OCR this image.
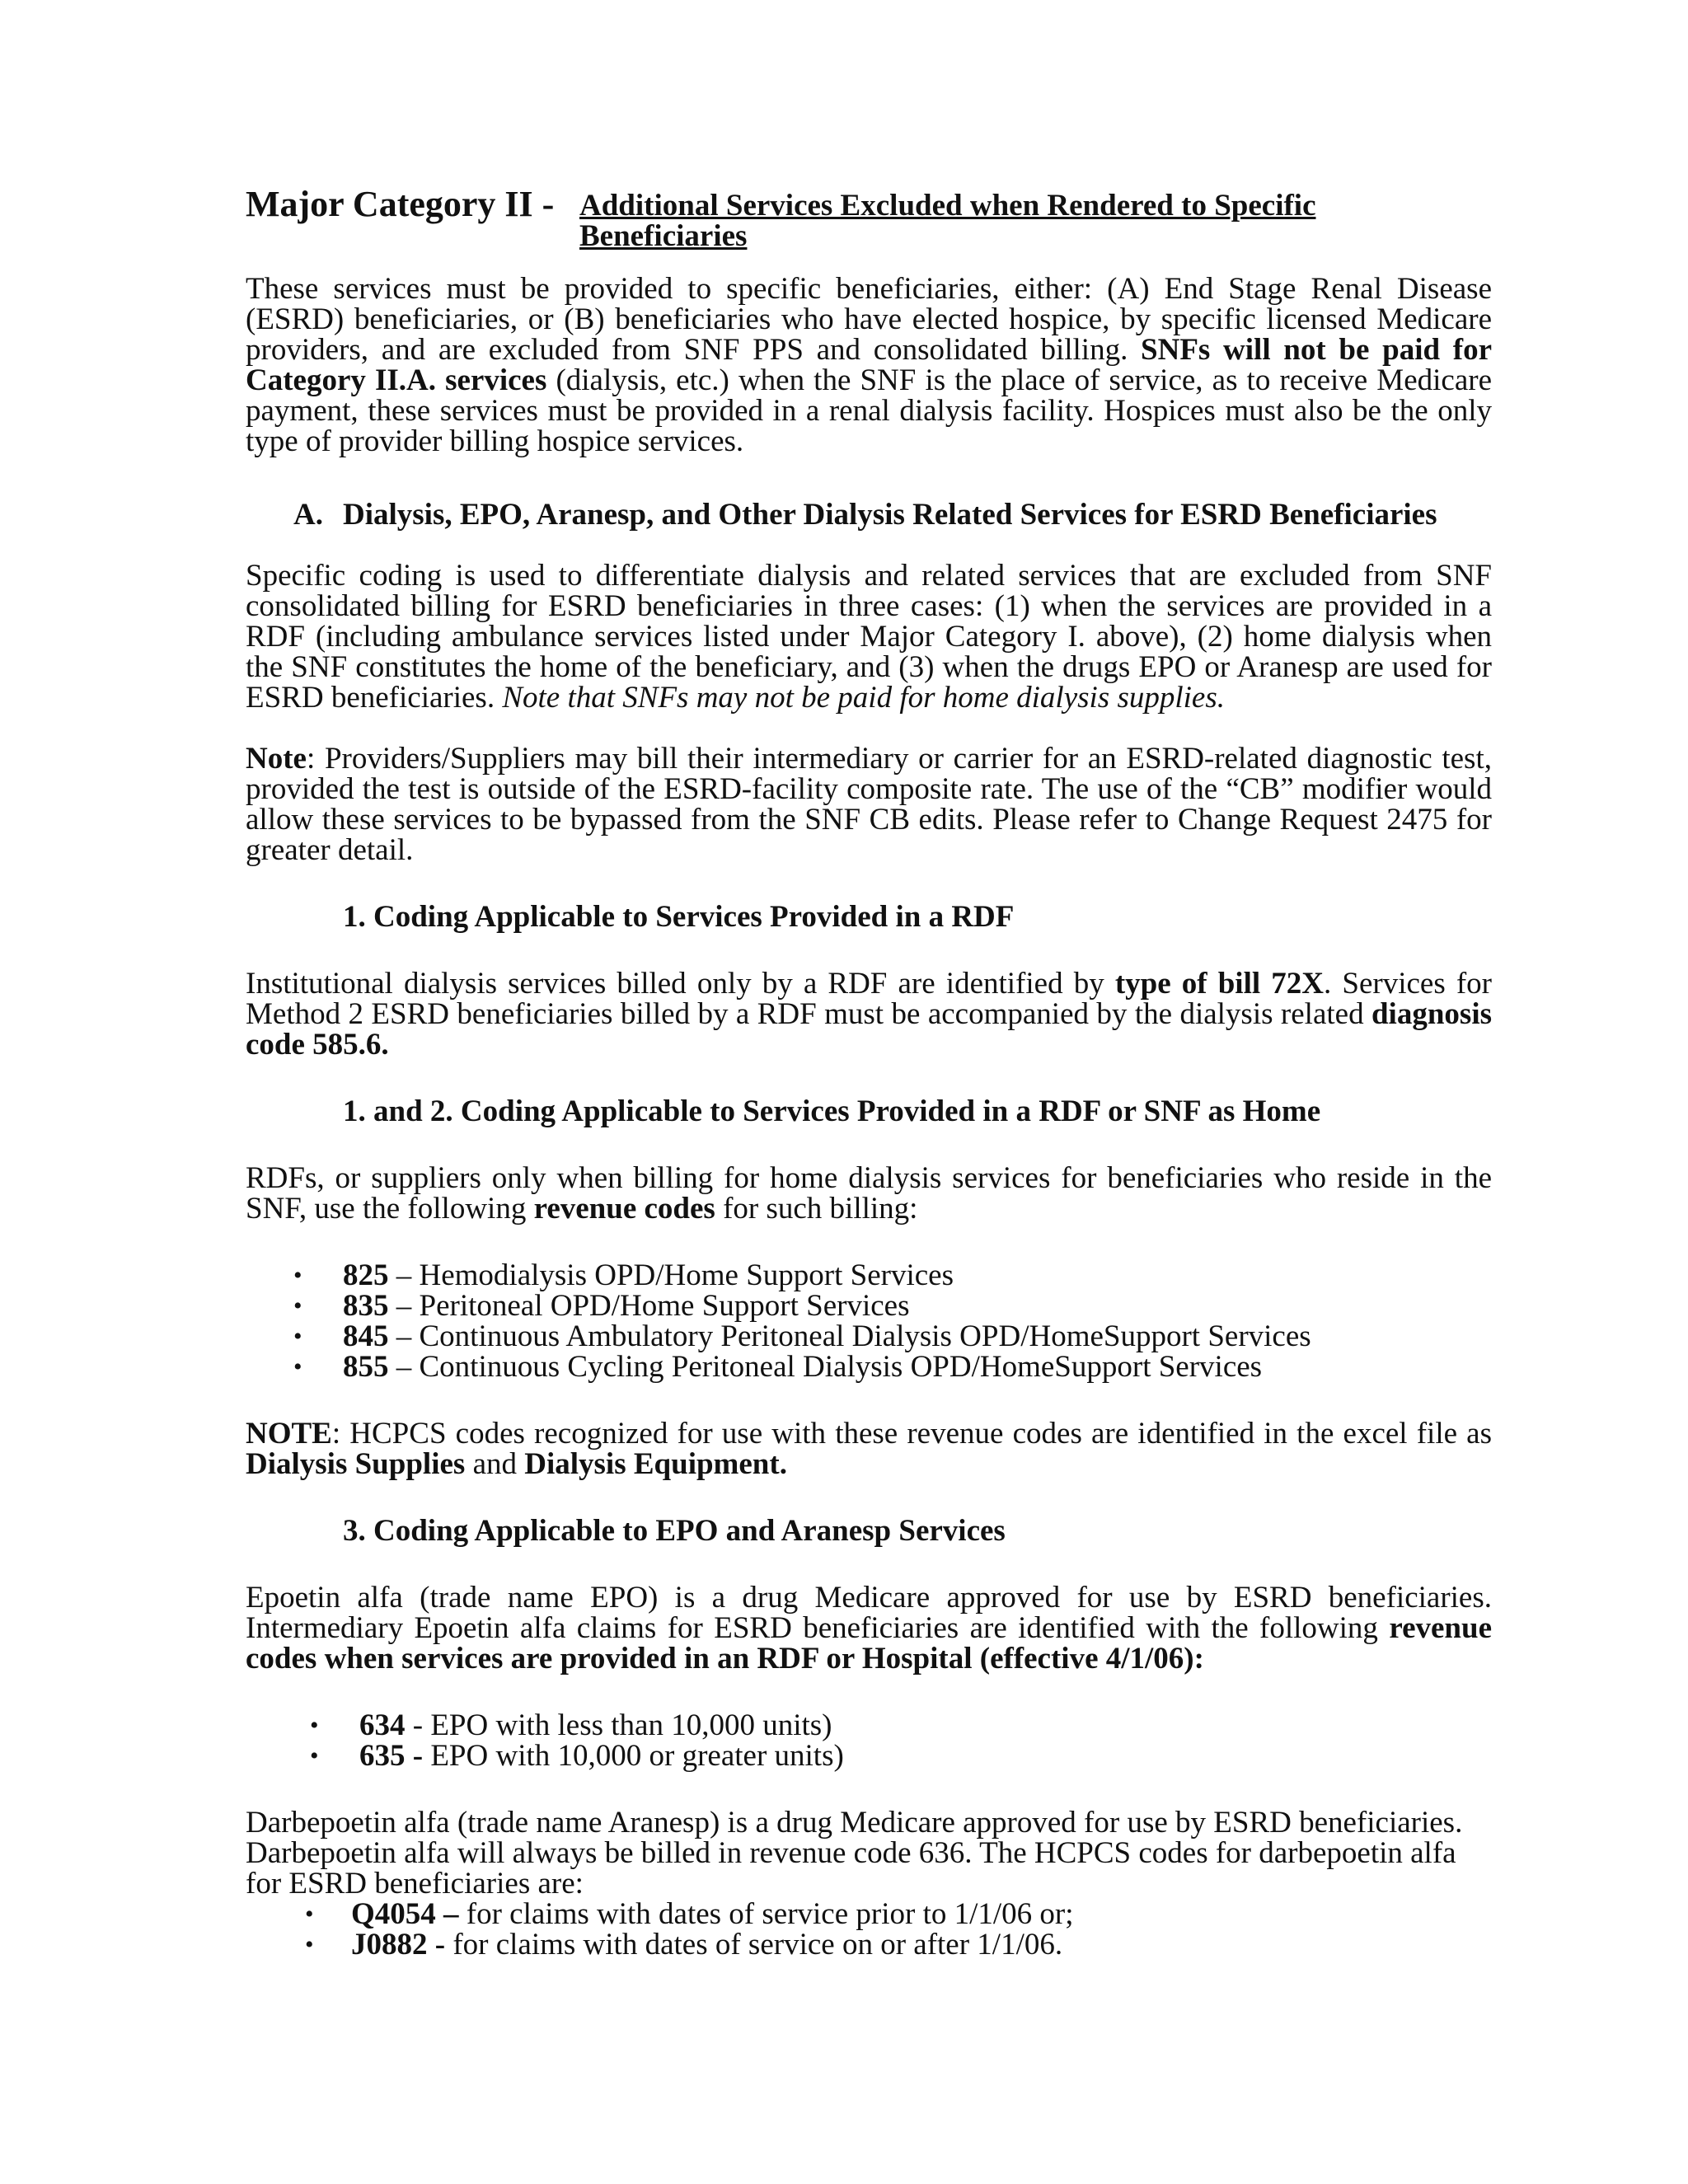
Major Category II - Additional Services Excluded when Rendered to Specific Beneficiaries

These services must be provided to specific beneficiaries, either: (A) End Stage Renal Disease (ESRD) beneficiaries, or (B) beneficiaries who have elected hospice, by specific licensed Medicare providers, and are excluded from SNF PPS and consolidated billing. SNFs will not be paid for Category II.A. services (dialysis, etc.) when the SNF is the place of service, as to receive Medicare payment, these services must be provided in a renal dialysis facility. Hospices must also be the only type of provider billing hospice services.

A. Dialysis, EPO, Aranesp, and Other Dialysis Related Services for ESRD Beneficiaries

Specific coding is used to differentiate dialysis and related services that are excluded from SNF consolidated billing for ESRD beneficiaries in three cases: (1) when the services are provided in a RDF (including ambulance services listed under Major Category I. above), (2) home dialysis when the SNF constitutes the home of the beneficiary, and (3) when the drugs EPO or Aranesp are used for ESRD beneficiaries. Note that SNFs may not be paid for home dialysis supplies.

Note: Providers/Suppliers may bill their intermediary or carrier for an ESRD-related diagnostic test, provided the test is outside of the ESRD-facility composite rate. The use of the “CB” modifier would allow these services to be bypassed from the SNF CB edits. Please refer to Change Request 2475 for greater detail.

1. Coding Applicable to Services Provided in a RDF

Institutional dialysis services billed only by a RDF are identified by type of bill 72X. Services for Method 2 ESRD beneficiaries billed by a RDF must be accompanied by the dialysis related diagnosis code 585.6.

1. and 2. Coding Applicable to Services Provided in a RDF or SNF as Home

RDFs, or suppliers only when billing for home dialysis services for beneficiaries who reside in the SNF, use the following revenue codes for such billing:

• 825 – Hemodialysis OPD/Home Support Services
• 835 – Peritoneal OPD/Home Support Services
• 845 – Continuous Ambulatory Peritoneal Dialysis OPD/HomeSupport Services
• 855 – Continuous Cycling Peritoneal Dialysis OPD/HomeSupport Services

NOTE: HCPCS codes recognized for use with these revenue codes are identified in the excel file as Dialysis Supplies and Dialysis Equipment.

3. Coding Applicable to EPO and Aranesp Services

Epoetin alfa (trade name EPO) is a drug Medicare approved for use by ESRD beneficiaries. Intermediary Epoetin alfa claims for ESRD beneficiaries are identified with the following revenue codes when services are provided in an RDF or Hospital (effective 4/1/06):

• 634 - EPO with less than 10,000 units)
• 635 - EPO with 10,000 or greater units)

Darbepoetin alfa (trade name Aranesp) is a drug Medicare approved for use by ESRD beneficiaries. Darbepoetin alfa will always be billed in revenue code 636. The HCPCS codes for darbepoetin alfa for ESRD beneficiaries are:

• Q4054 – for claims with dates of service prior to 1/1/06 or;
• J0882 - for claims with dates of service on or after 1/1/06.
